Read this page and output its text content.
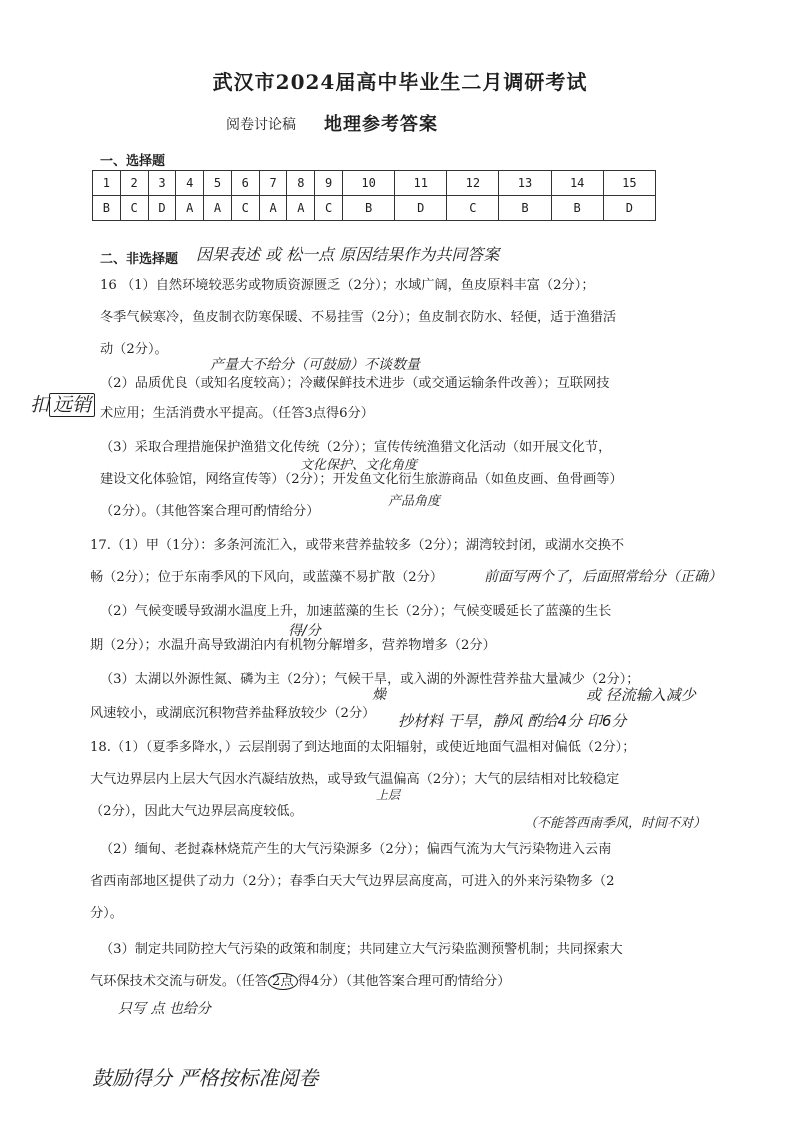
武汉市2024届高中毕业生二月调研考试
阅卷讨论稿 地理参考答案
一、选择题
1	2	3	4	5	6	7	8	9	10	11	12	13	14	15
B	C	D	A	A	C	A	A	C	B	D	C	B	B	D
二、非选择题 因果表述 或 松一点 原因结果作为共同答案
16 （1）自然环境较恶劣或物质资源匮乏（2分）；水域广阔，鱼皮原料丰富（2分）；
冬季气候寒冷，鱼皮制衣防寒保暖、不易挂雪（2分）；鱼皮制衣防水、轻便，适于渔猎活
动（2分）。
产量大不给分（可鼓励）不谈数量
（2）品质优良（或知名度较高）；冷藏保鲜技术进步（或交通运输条件改善）；互联网技
扣 远销 术应用；生活消费水平提高。（任答3点得6分）
（3）采取合理措施保护渔猎文化传统（2分）；宣传传统渔猎文化活动（如开展文化节，
文化保护、文化角度
建设文化体验馆，网络宣传等）（2分）；开发鱼文化衍生旅游商品（如鱼皮画、鱼骨画等）
产品角度
（2分）。（其他答案合理可酌情给分）
17.（1）甲（1分）：多条河流汇入，或带来营养盐较多（2分）；湖湾较封闭，或湖水交换不
畅（2分）；位于东南季风的下风向，或蓝藻不易扩散（2分）	前面写两个了，后面照常给分（正确）
（2）气候变暖导致湖水温度上升，加速蓝藻的生长（2分）；气候变暖延长了蓝藻的生长
得/分
期（2分）；水温升高导致湖泊内有机物分解增多，营养物增多（2分）
（3）太湖以外源性氮、磷为主（2分）；气候干旱，或入湖的外源性营养盐大量减少（2分）；
燥	或 径流输入减少
风速较小，或湖底沉积物营养盐释放较少（2分） 抄材料 干旱，静风 酌给4分 印6分
18.（1）（夏季多降水，）云层削弱了到达地面的太阳辐射，或使近地面气温相对偏低（2分）；
大气边界层内上层大气因水汽凝结放热，或导致气温偏高（2分）；大气的层结相对比较稳定
上层
（2分），因此大气边界层高度较低。
（不能答西南季风，时间不对）
（2）缅甸、老挝森林烧荒产生的大气污染源多（2分）；偏西气流为大气污染物进入云南
省西南部地区提供了动力（2分）；春季白天大气边界层高度高，可进入的外来污染物多（2
分）。
（3）制定共同防控大气污染的政策和制度；共同建立大气污染监测预警机制；共同探索大
气环保技术交流与研发。（任答 2点 得4分）（其他答案合理可酌情给分）
只写 点 也给分
鼓励得分 严格按标准阅卷
